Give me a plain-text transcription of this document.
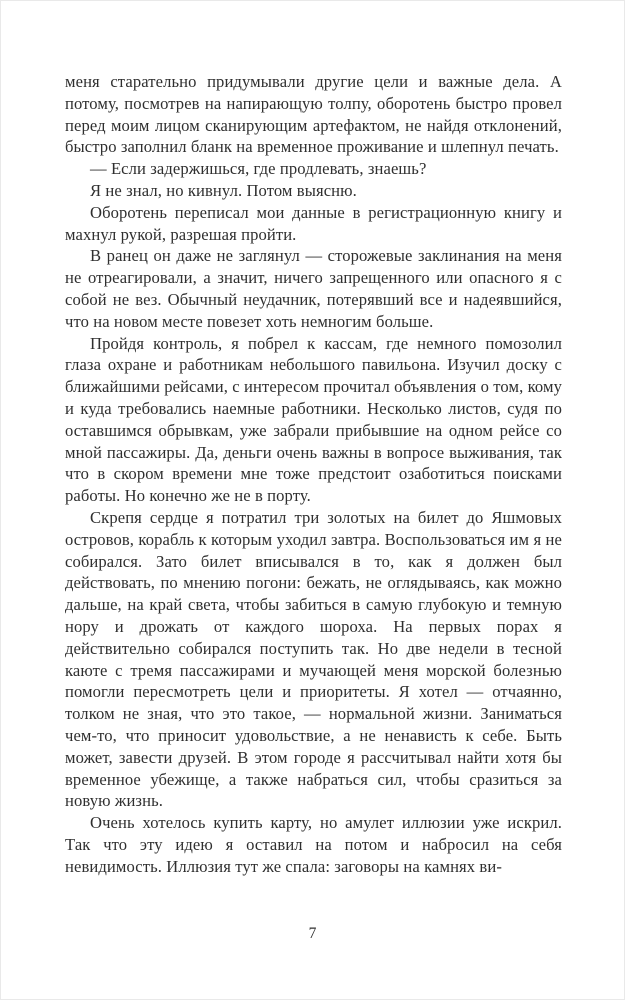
меня старательно придумывали другие цели и важные дела. А потому, посмотрев на напирающую толпу, оборотень быстро провел перед моим лицом сканирующим артефактом, не найдя отклонений, быстро заполнил бланк на временное проживание и шлепнул печать.

— Если задержишься, где продлевать, знаешь?

Я не знал, но кивнул. Потом выясню.

Оборотень переписал мои данные в регистрационную книгу и махнул рукой, разрешая пройти.

В ранец он даже не заглянул — сторожевые заклинания на меня не отреагировали, а значит, ничего запрещенного или опасного я с собой не вез. Обычный неудачник, потерявший все и надеявшийся, что на новом месте повезет хоть немногим больше.

Пройдя контроль, я побрел к кассам, где немного помозолил глаза охране и работникам небольшого павильона. Изучил доску с ближайшими рейсами, с интересом прочитал объявления о том, кому и куда требовались наемные работники. Несколько листов, судя по оставшимся обрывкам, уже забрали прибывшие на одном рейсе со мной пассажиры. Да, деньги очень важны в вопросе выживания, так что в скором времени мне тоже предстоит озаботиться поисками работы. Но конечно же не в порту.

Скрепя сердце я потратил три золотых на билет до Яшмовых островов, корабль к которым уходил завтра. Воспользоваться им я не собирался. Зато билет вписывался в то, как я должен был действовать, по мнению погони: бежать, не оглядываясь, как можно дальше, на край света, чтобы забиться в самую глубокую и темную нору и дрожать от каждого шороха. На первых порах я действительно собирался поступить так. Но две недели в тесной каюте с тремя пассажирами и мучающей меня морской болезнью помогли пересмотреть цели и приоритеты. Я хотел — отчаянно, толком не зная, что это такое, — нормальной жизни. Заниматься чем-то, что приносит удовольствие, а не ненависть к себе. Быть может, завести друзей. В этом городе я рассчитывал найти хотя бы временное убежище, а также набраться сил, чтобы сразиться за новую жизнь.

Очень хотелось купить карту, но амулет иллюзии уже искрил. Так что эту идею я оставил на потом и набросил на себя невидимость. Иллюзия тут же спала: заговоры на камнях ви-

7
